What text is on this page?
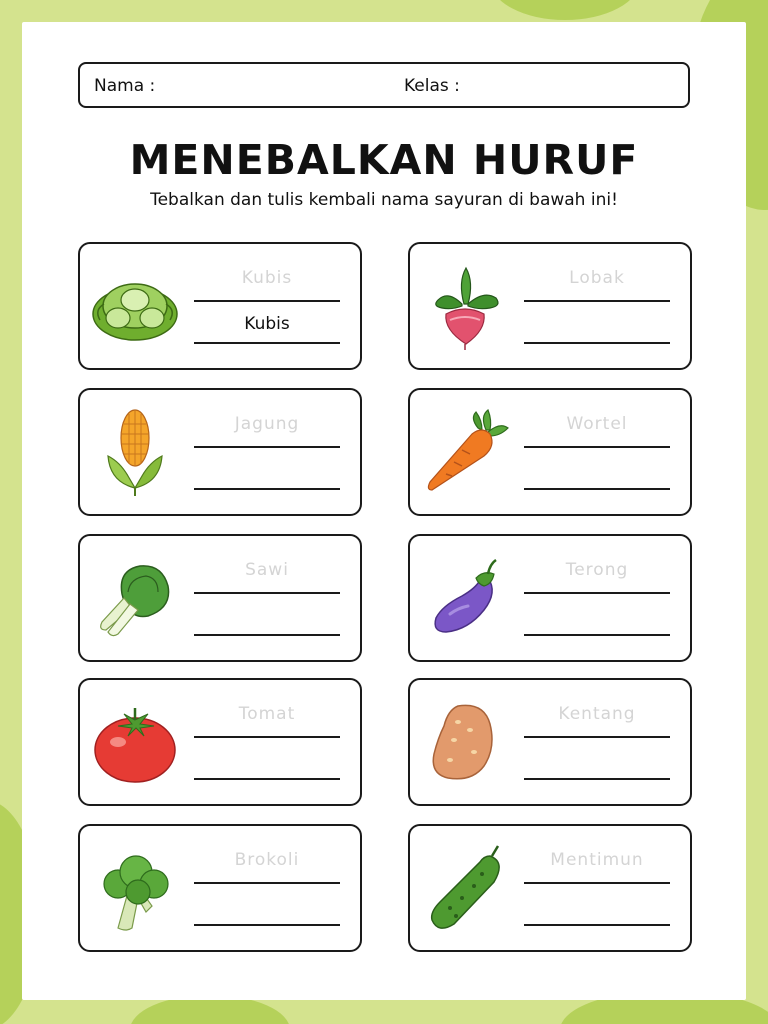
Nama :	Kelas :
MENEBALKAN HURUF
Tebalkan dan tulis kembali nama sayuran di bawah ini!
Kubis
Kubis
Lobak
Jagung	Wortel
Sawi	Terong
Tomat	Kentang
Brokoli	Mentimun
